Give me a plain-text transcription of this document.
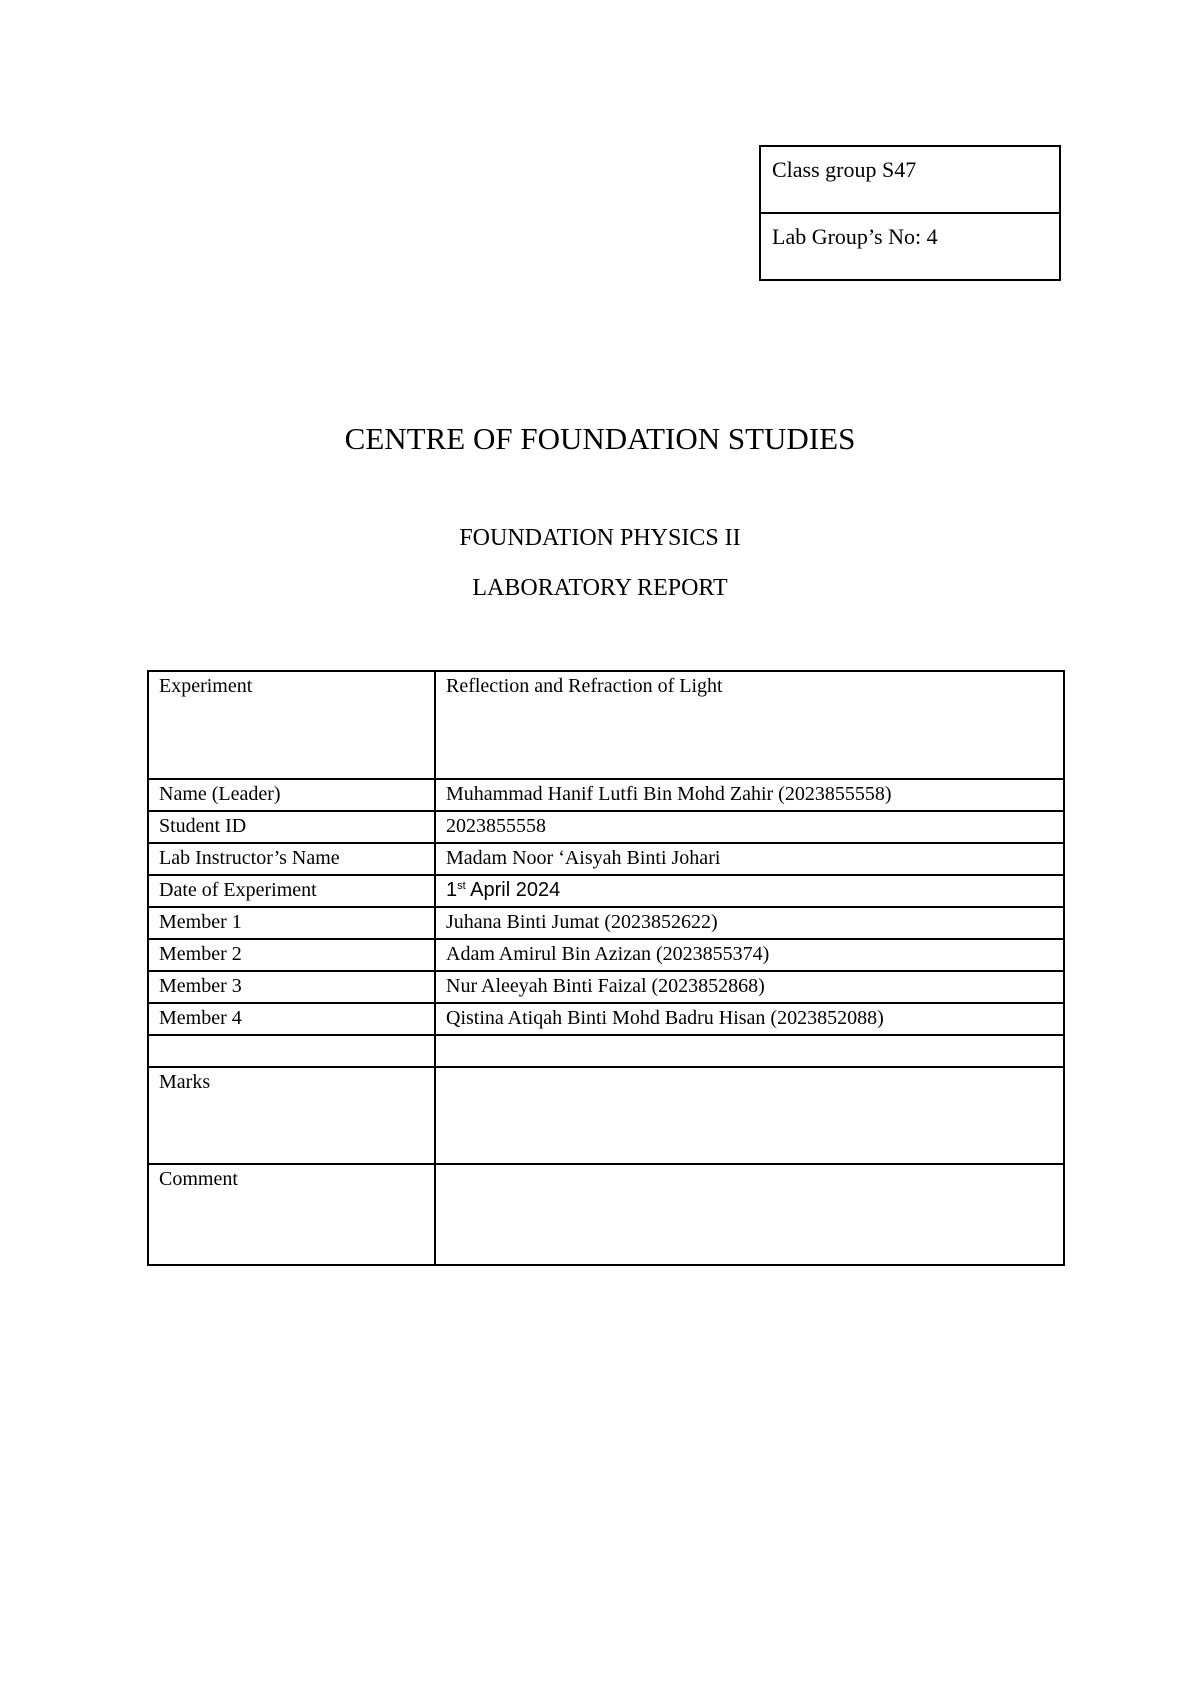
Class group S47
Lab Group’s No: 4
CENTRE OF FOUNDATION STUDIES
FOUNDATION PHYSICS II
LABORATORY REPORT
Experiment	Reflection and Refraction of Light
Name (Leader)	Muhammad Hanif Lutfi Bin Mohd Zahir (2023855558)
Student ID	2023855558
Lab Instructor’s Name	Madam Noor ‘Aisyah Binti Johari
Date of Experiment	1st April 2024
Member 1	Juhana Binti Jumat (2023852622)
Member 2	Adam Amirul Bin Azizan (2023855374)
Member 3	Nur Aleeyah Binti Faizal (2023852868)
Member 4	Qistina Atiqah Binti Mohd Badru Hisan (2023852088)

Marks	
Comment	
